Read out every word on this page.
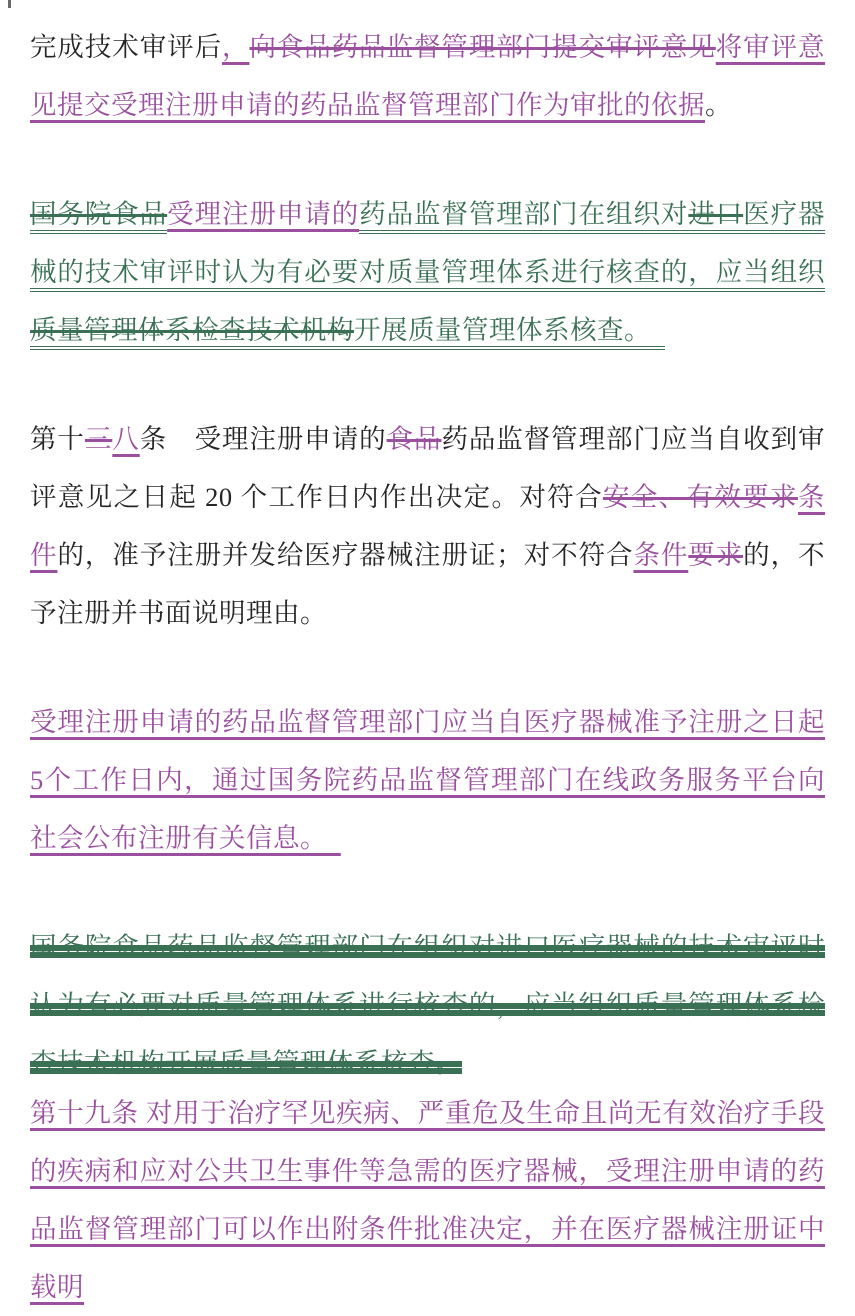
完成技术审评后，向食品药品监督管理部门提交审评意见将审评意见提交受理注册申请的药品监督管理部门作为审批的依据。

国务院食品受理注册申请的药品监督管理部门在组织对进口医疗器械的技术审评时认为有必要对质量管理体系进行核查的，应当组织质量管理体系检查技术机构开展质量管理体系核查。　

第十三八条　受理注册申请的食品药品监督管理部门应当自收到审评意见之日起 20 个工作日内作出决定。对符合安全、有效要求条件的，准予注册并发给医疗器械注册证；对不符合条件要求的，不予注册并书面说明理由。

受理注册申请的药品监督管理部门应当自医疗器械准予注册之日起5个工作日内，通过国务院药品监督管理部门在线政务服务平台向社会公布注册有关信息。　

国务院食品药品监督管理部门在组织对进口医疗器械的技术审评时认为有必要对质量管理体系进行核查的，应当组织质量管理体系检查技术机构开展质量管理体系核查。

第十九条 对用于治疗罕见疾病、严重危及生命且尚无有效治疗手段的疾病和应对公共卫生事件等急需的医疗器械，受理注册申请的药品监督管理部门可以作出附条件批准决定，并在医疗器械注册证中载明
